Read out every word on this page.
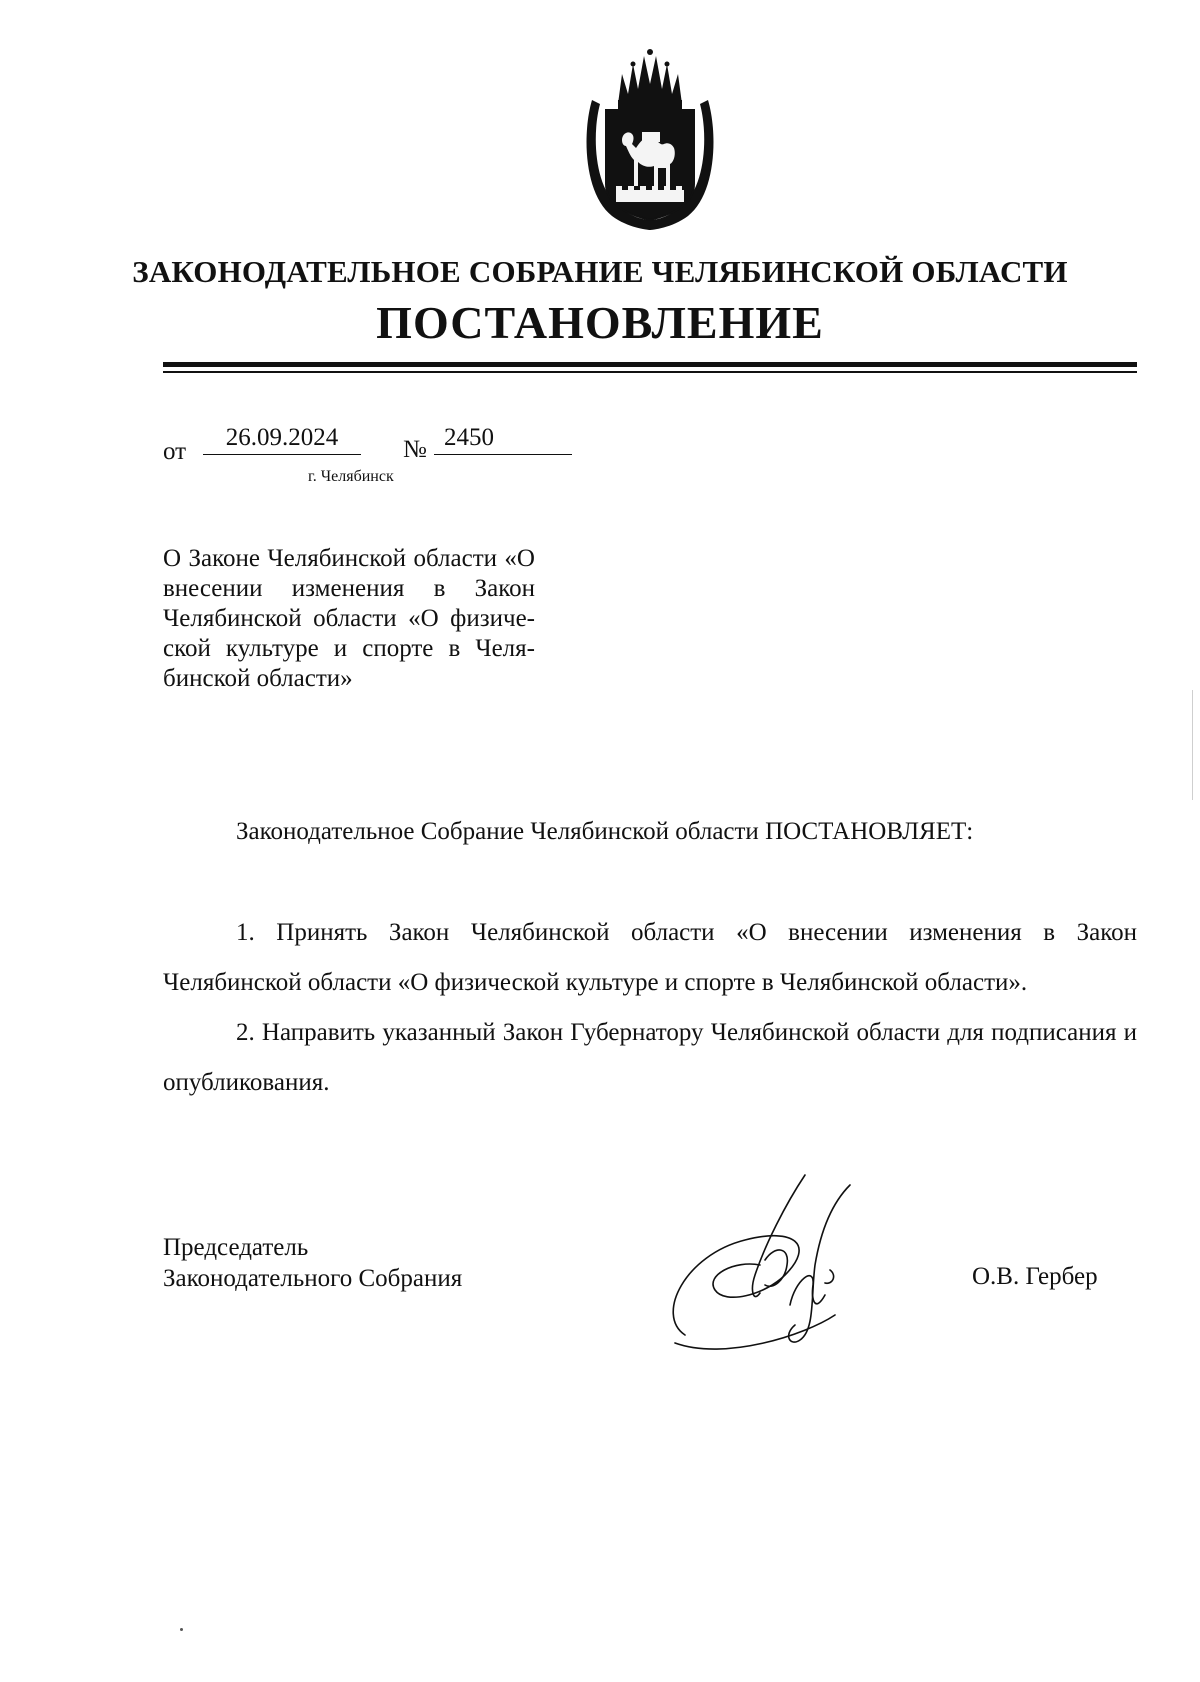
ЗАКОНОДАТЕЛЬНОЕ СОБРАНИЕ ЧЕЛЯБИНСКОЙ ОБЛАСТИ
ПОСТАНОВЛЕНИЕ
от
26.09.2024	№ 2450
г. Челябинск
О Законе Челябинской области «О внесении изменения в Закон Челябинской области «О физической культуре и спорте в Челябинской области»
Законодательное Собрание Челябинской области ПОСТАНОВЛЯЕТ:

1. Принять Закон Челябинской области «О внесении изменения в Закон Челябинской области «О физической культуре и спорте в Челябинской области».

2. Направить указанный Закон Губернатору Челябинской области для подписания и опубликования.

Председатель
Законодательного Собрания	О.В. Гербер
